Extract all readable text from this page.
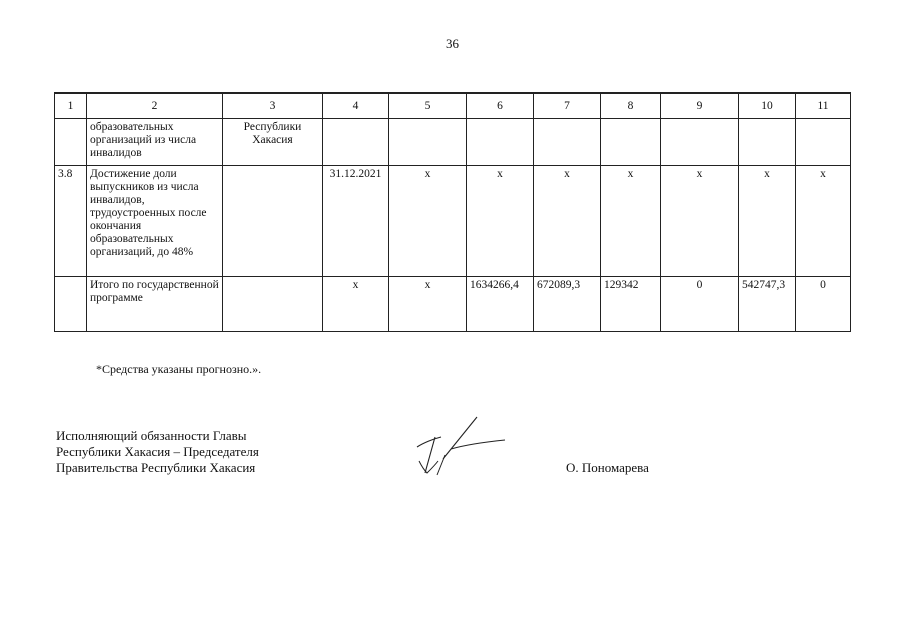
36
1	2	3	4	5	6	7	8	9	10	11
	образовательных организаций из числа инвалидов	Республики Хакасия								
3.8	Достижение доли выпускников из числа инвалидов, трудоустроенных после окончания образовательных организаций, до 48%		31.12.2021	х	х	х	х	х	х	х
	Итого по государственной программе		х	х	1634266,4	672089,3	129342	0	542747,3	0
*Средства указаны прогнозно.».
Исполняющий обязанности Главы
Республики Хакасия – Председателя
Правительства Республики Хакасия	О. Пономарева
